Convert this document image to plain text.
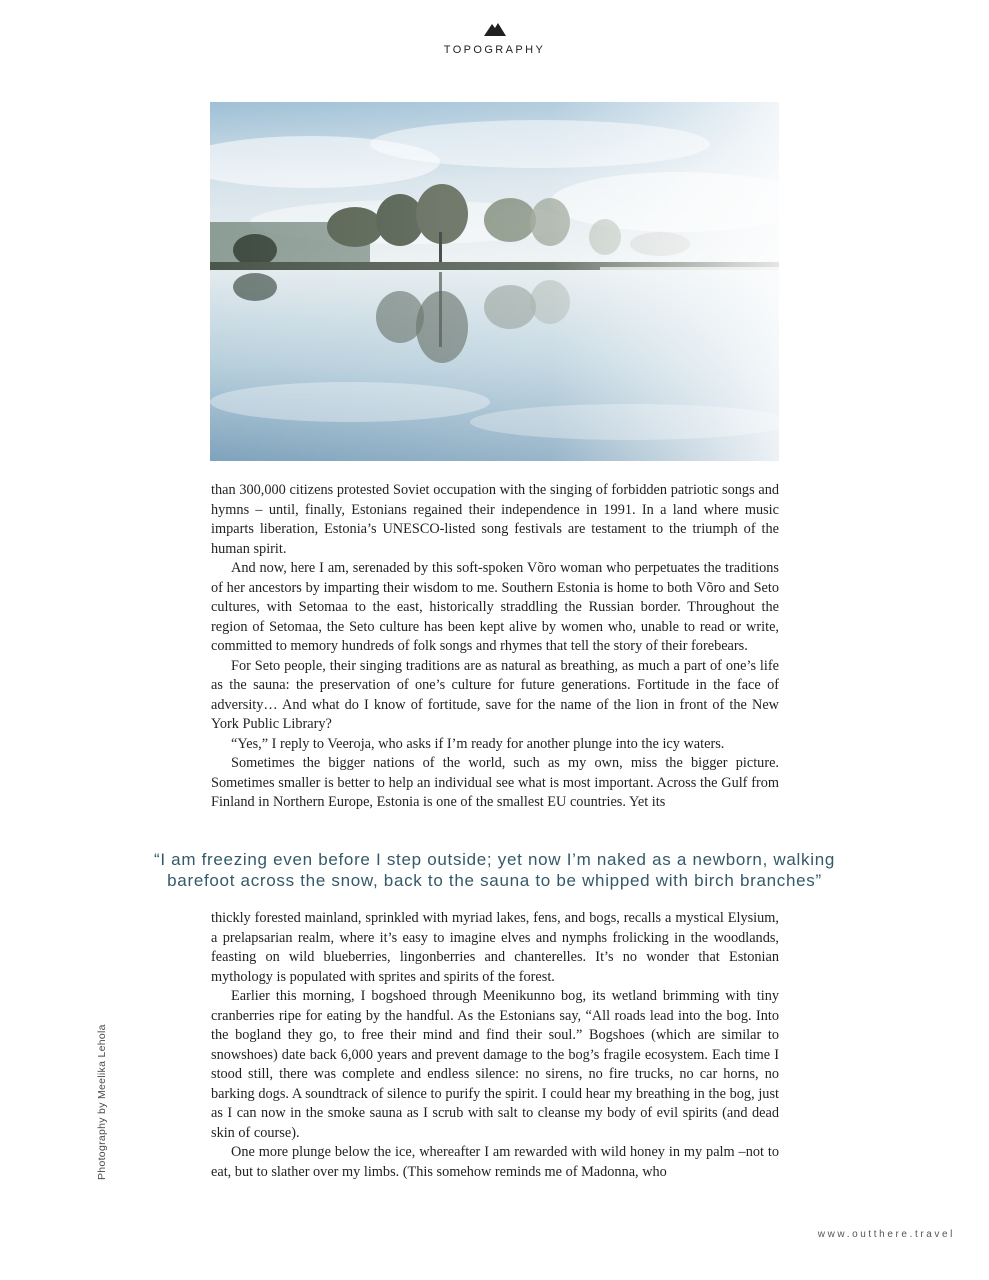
TOPOGRAPHY

than 300,000 citizens protested Soviet occupation with the singing of forbidden patriotic songs and hymns – until, finally, Estonians regained their independence in 1991. In a land where music imparts liberation, Estonia’s UNESCO-listed song festivals are testament to the triumph of the human spirit.

And now, here I am, serenaded by this soft-spoken Võro woman who perpetuates the traditions of her ancestors by imparting their wisdom to me. Southern Estonia is home to both Võro and Seto cultures, with Setomaa to the east, historically straddling the Russian border. Throughout the region of Setomaa, the Seto culture has been kept alive by women who, unable to read or write, committed to memory hundreds of folk songs and rhymes that tell the story of their forebears.

For Seto people, their singing traditions are as natural as breathing, as much a part of one’s life as the sauna: the preservation of one’s culture for future generations. Fortitude in the face of adversity… And what do I know of fortitude, save for the name of the lion in front of the New York Public Library?

“Yes,” I reply to Veeroja, who asks if I’m ready for another plunge into the icy waters.

Sometimes the bigger nations of the world, such as my own, miss the bigger picture. Sometimes smaller is better to help an individual see what is most important. Across the Gulf from Finland in Northern Europe, Estonia is one of the smallest EU countries. Yet its

“I am freezing even before I step outside; yet now I’m naked as a newborn, walking
barefoot across the snow, back to the sauna to be whipped with birch branches”

thickly forested mainland, sprinkled with myriad lakes, fens, and bogs, recalls a mystical Elysium, a prelapsarian realm, where it’s easy to imagine elves and nymphs frolicking in the woodlands, feasting on wild blueberries, lingonberries and chanterelles. It’s no wonder that Estonian mythology is populated with sprites and spirits of the forest.

Earlier this morning, I bogshoed through Meenikunno bog, its wetland brimming with tiny cranberries ripe for eating by the handful. As the Estonians say, “All roads lead into the bog. Into the bogland they go, to free their mind and find their soul.” Bogshoes (which are similar to snowshoes) date back 6,000 years and prevent damage to the bog’s fragile ecosystem. Each time I stood still, there was complete and endless silence: no sirens, no fire trucks, no car horns, no barking dogs. A soundtrack of silence to purify the spirit. I could hear my breathing in the bog, just as I can now in the smoke sauna as I scrub with salt to cleanse my body of evil spirits (and dead skin of course).

One more plunge below the ice, whereafter I am rewarded with wild honey in my palm –not to eat, but to slather over my limbs. (This somehow reminds me of Madonna, who

Photography by Meelika Lehola
www.outthere.travel
